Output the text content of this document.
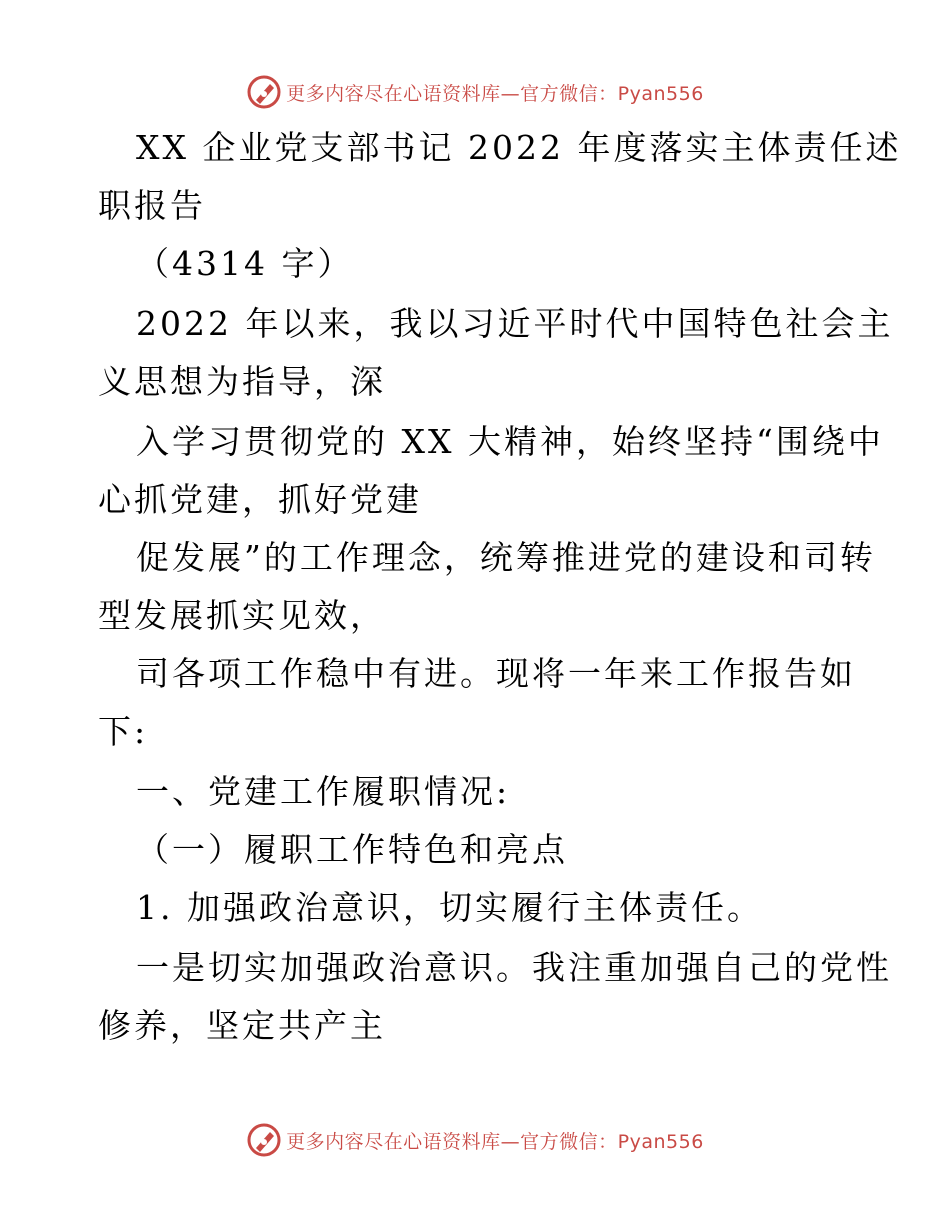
更多内容尽在心语资料库—官方微信：Pyan556
XX 企业党支部书记 2022 年度落实主体责任述
职报告
（4314 字）
2022 年以来，我以习近平时代中国特色社会主
义思想为指导，深
入学习贯彻党的 XX 大精神，始终坚持“围绕中
心抓党建，抓好党建
促发展”的工作理念，统筹推进党的建设和司转
型发展抓实见效，
司各项工作稳中有进。现将一年来工作报告如
下:
一、党建工作履职情况:
（一）履职工作特色和亮点
1. 加强政治意识，切实履行主体责任。
一是切实加强政治意识。我注重加强自己的党性
修养，坚定共产主
更多内容尽在心语资料库—官方微信：Pyan556
